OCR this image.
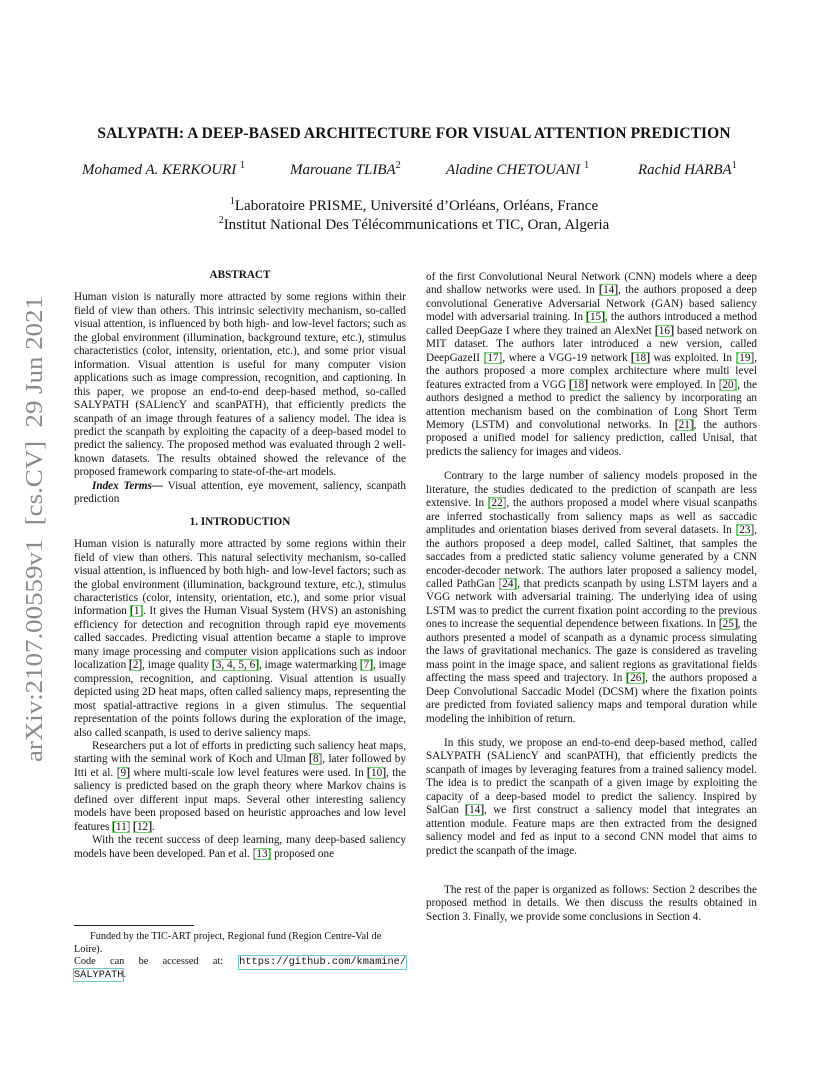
arXiv:2107.00559v1  [cs.CV]  29 Jun 2021
SALYPATH: A DEEP-BASED ARCHITECTURE FOR VISUAL ATTENTION PREDICTION
Mohamed A. KERKOURI $^1$	Marouane TLIBA$^2$	Aladine CHETOUANI $^1$	Rachid HARBA$^1$
$^1$Laboratoire PRISME, Université d’Orléans, Orléans, France
$^2$Institut National Des Télécommunications et TIC, Oran, Algeria
ABSTRACT

Human vision is naturally more attracted by some regions within their field of view than others. This intrinsic selectivity mechanism, so-called visual attention, is influenced by both high- and low-level factors; such as the global environment (illumination, background texture, etc.), stimulus characteristics (color, intensity, orientation, etc.), and some prior visual information. Visual attention is useful for many computer vision applications such as image compression, recognition, and captioning. In this paper, we propose an end-to-end deep-based method, so-called SALYPATH (SALiencY and scanPATH), that efficiently predicts the scanpath of an image through features of a saliency model. The idea is predict the scanpath by exploiting the capacity of a deep-based model to predict the saliency. The proposed method was evaluated through 2 well-known datasets. The results obtained showed the relevance of the proposed framework comparing to state-of-the-art models.

Index Terms— Visual attention, eye movement, saliency, scanpath prediction

1. INTRODUCTION

Human vision is naturally more attracted by some regions within their field of view than others. This natural selectivity mechanism, so-called visual attention, is influenced by both high- and low-level factors; such as the global environment (illumination, background texture, etc.), stimulus characteristics (color, intensity, orientation, etc.), and some prior visual information [1]. It gives the Human Visual System (HVS) an astonishing efficiency for detection and recognition through rapid eye movements called saccades. Predicting visual attention became a staple to improve many image processing and computer vision applications such as indoor localization [2], image quality [3, 4, 5, 6], image watermarking [7], image compression, recognition, and captioning. Visual attention is usually depicted using 2D heat maps, often called saliency maps, representing the most spatial-attractive regions in a given stimulus. The sequential representation of the points follows during the exploration of the image, also called scanpath, is used to derive saliency maps.

Researchers put a lot of efforts in predicting such saliency heat maps, starting with the seminal work of Koch and Ulman [8], later followed by Itti et al. [9] where multi-scale low level features were used. In [10], the saliency is predicted based on the graph theory where Markov chains is defined over different input maps. Several other interesting saliency models have been proposed based on heuristic approaches and low level features [11] [12].

With the recent success of deep learning, many deep-based saliency models have been developed. Pan et al. [13] proposed one

Funded by the TIC-ART project, Regional fund (Region Centre-Val de Loire).

Code can be accessed at:	https://github.com/kmamine/
SALYPATH.

of the first Convolutional Neural Network (CNN) models where a deep and shallow networks were used. In [14], the authors proposed a deep convolutional Generative Adversarial Network (GAN) based saliency model with adversarial training. In [15], the authors introduced a method called DeepGaze I where they trained an AlexNet [16] based network on MIT dataset. The authors later introduced a new version, called DeepGazeII [17], where a VGG-19 network [18] was exploited. In [19], the authors proposed a more complex architecture where multi level features extracted from a VGG [18] network were employed. In [20], the authors designed a method to predict the saliency by incorporating an attention mechanism based on the combination of Long Short Term Memory (LSTM) and convolutional networks. In [21], the authors proposed a unified model for saliency prediction, called Unisal, that predicts the saliency for images and videos.

Contrary to the large number of saliency models proposed in the literature, the studies dedicated to the prediction of scanpath are less extensive. In [22], the authors proposed a model where visual scanpaths are inferred stochastically from saliency maps as well as saccadic amplitudes and orientation biases derived from several datasets. In [23], the authors proposed a deep model, called Saltinet, that samples the saccades from a predicted static saliency volume generated by a CNN encoder-decoder network. The authors later proposed a saliency model, called PathGan [24], that predicts scanpath by using LSTM layers and a VGG network with adversarial training. The underlying idea of using LSTM was to predict the current fixation point according to the previous ones to increase the sequential dependence between fixations. In [25], the authors presented a model of scanpath as a dynamic process simulating the laws of gravitational mechanics. The gaze is considered as traveling mass point in the image space, and salient regions as gravitational fields affecting the mass speed and trajectory. In [26], the authors proposed a Deep Convolutional Saccadic Model (DCSM) where the fixation points are predicted from foviated saliency maps and temporal duration while modeling the inhibition of return.

In this study, we propose an end-to-end deep-based method, called SALYPATH (SALiencY and scanPATH), that efficiently predicts the scanpath of images by leveraging features from a trained saliency model. The idea is to predict the scanpath of a given image by exploiting the capacity of a deep-based model to predict the saliency. Inspired by SalGan [14], we first construct a saliency model that integrates an attention module. Feature maps are then extracted from the designed saliency model and fed as input to a second CNN model that aims to predict the scanpath of the image.

The rest of the paper is organized as follows: Section 2 describes the proposed method in details. We then discuss the results obtained in Section 3. Finally, we provide some conclusions in Section 4.
